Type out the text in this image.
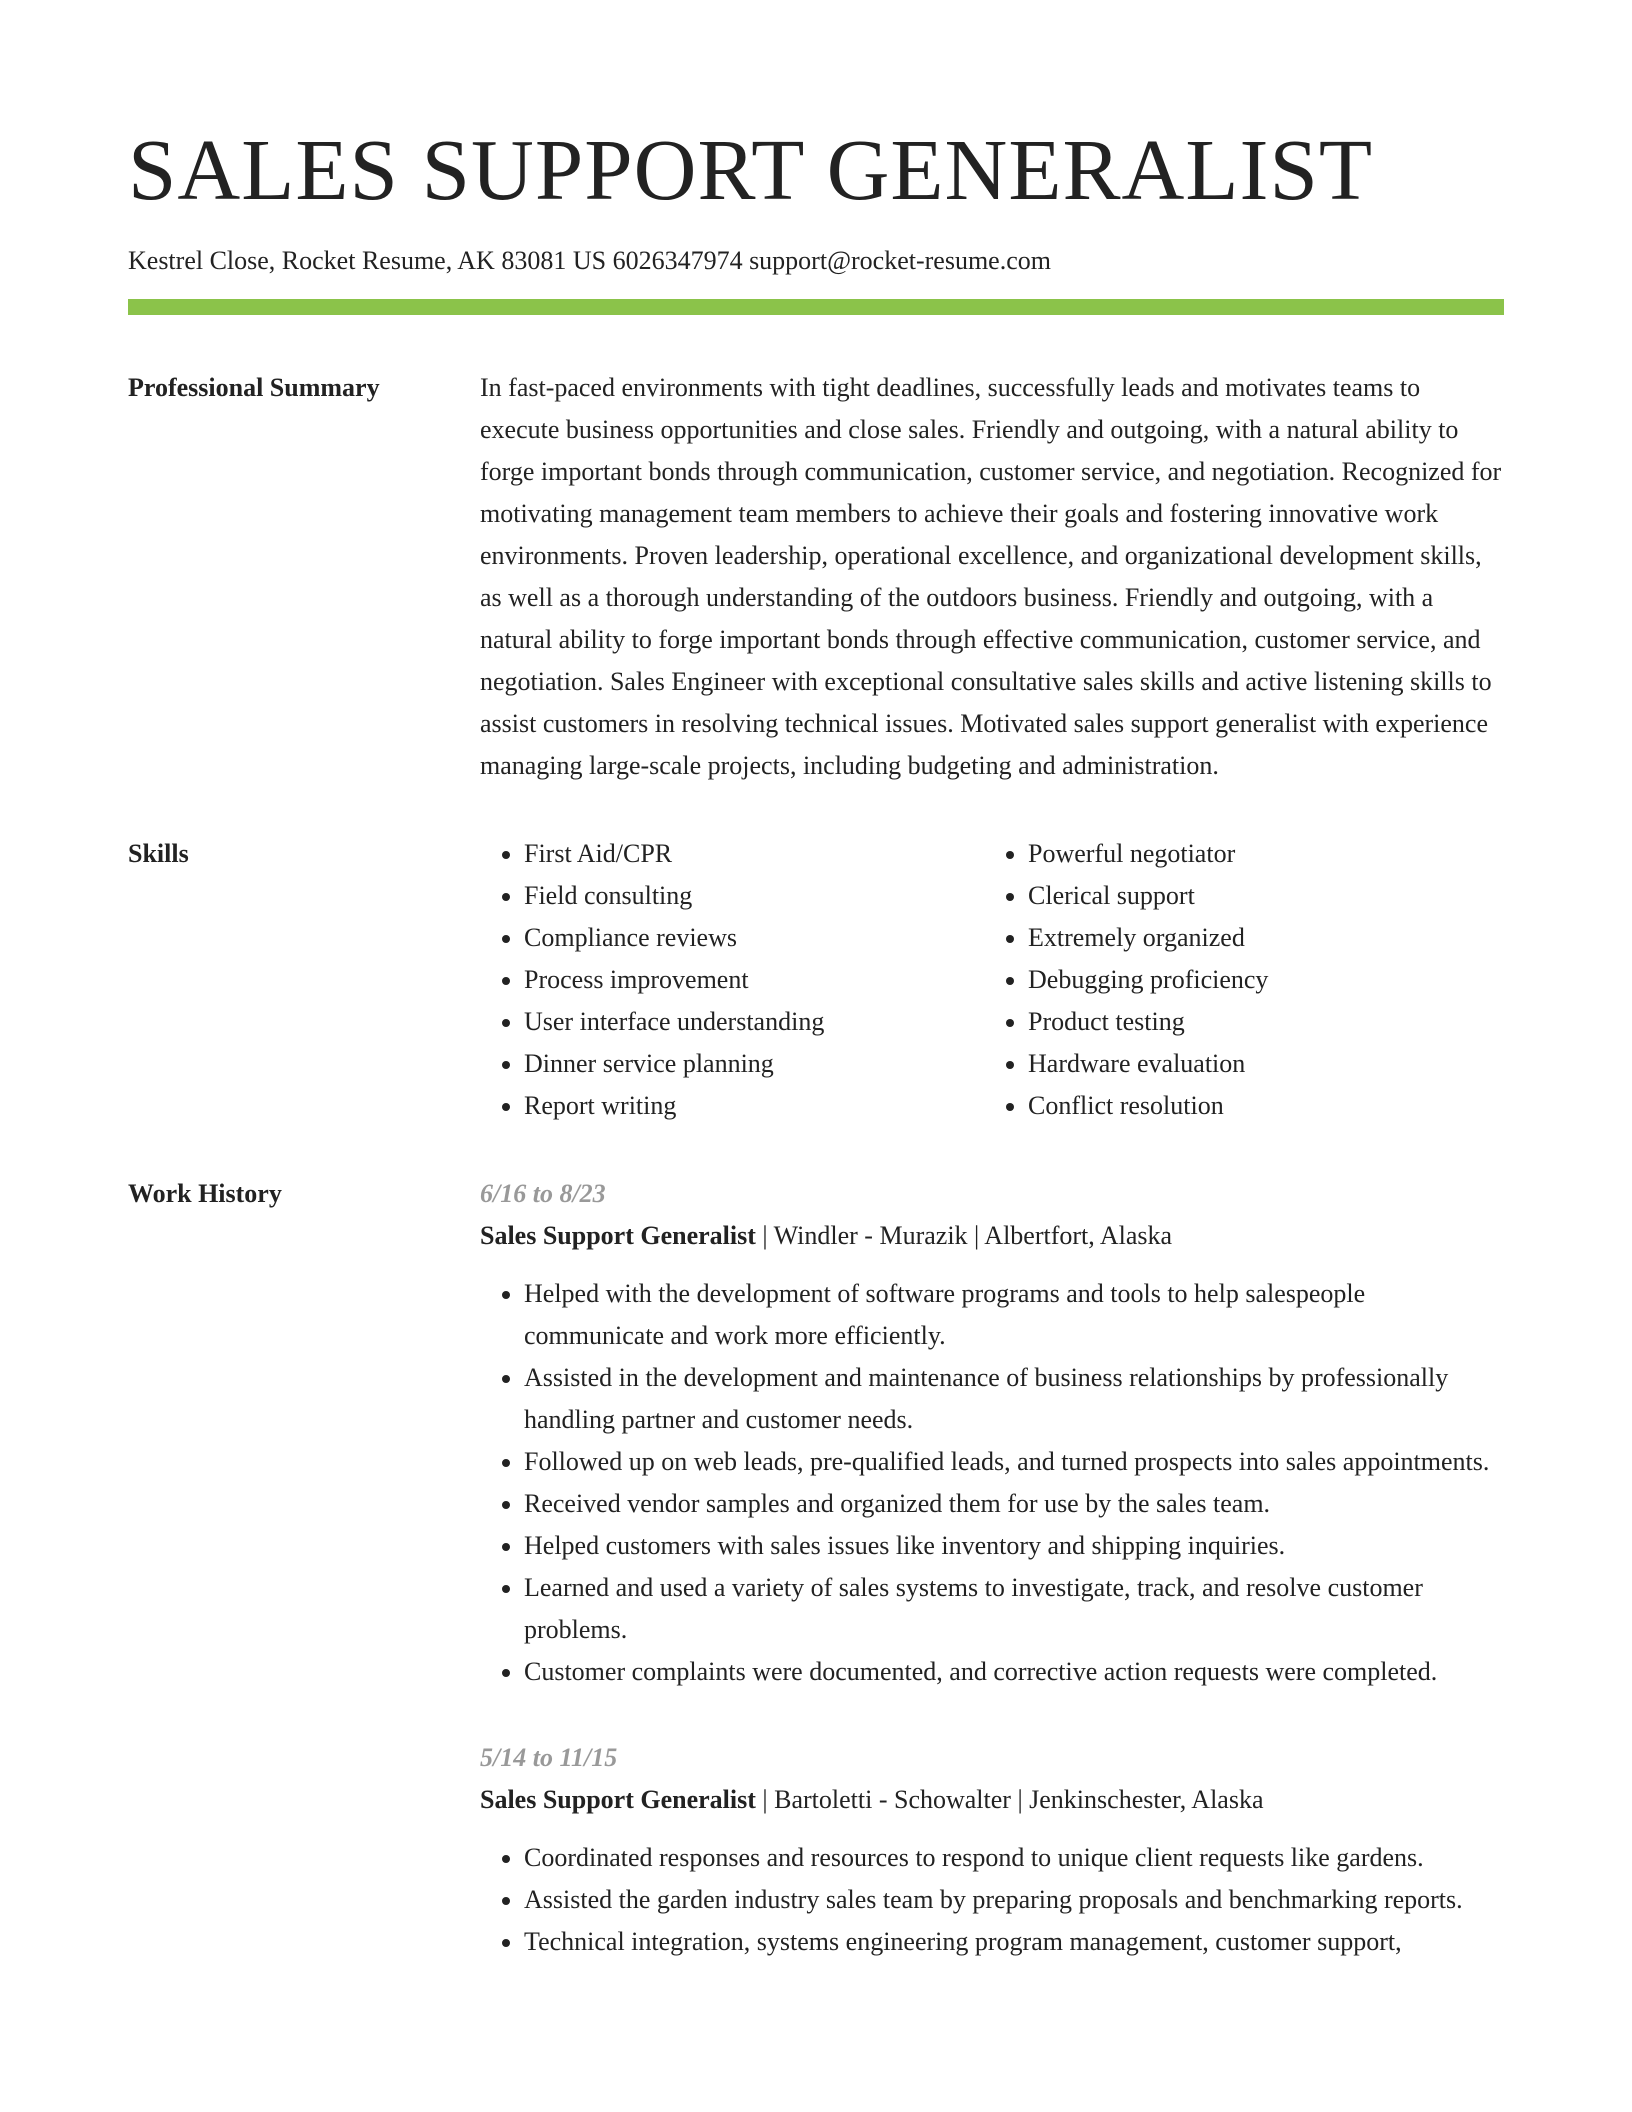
SALES SUPPORT GENERALIST
Kestrel Close, Rocket Resume, AK 83081 US 6026347974 support@rocket-resume.com
Professional Summary	In fast-paced environments with tight deadlines, successfully leads and motivates teams to execute business opportunities and close sales. Friendly and outgoing, with a natural ability to forge important bonds through communication, customer service, and negotiation. Recognized for motivating management team members to achieve their goals and fostering innovative work environments. Proven leadership, operational excellence, and organizational development skills, as well as a thorough understanding of the outdoors business. Friendly and outgoing, with a natural ability to forge important bonds through effective communication, customer service, and negotiation. Sales Engineer with exceptional consultative sales skills and active listening skills to assist customers in resolving technical issues. Motivated sales support generalist with experience managing large-scale projects, including budgeting and administration.

Skills
•	First Aid/CPR
• Field consulting
• Compliance reviews
• Process improvement
• User interface understanding
• Dinner service planning
• Report writing
• Powerful negotiator
• Clerical support
• Extremely organized
• Debugging proficiency
• Product testing
• Hardware evaluation
• Conflict resolution
Work History	6/16 to 8/23
Sales Support Generalist | Windler - Murazik | Albertfort, Alaska
• Helped with the development of software programs and tools to help salespeople communicate and work more efficiently.
• Assisted in the development and maintenance of business relationships by professionally handling partner and customer needs.
• Followed up on web leads, pre-qualified leads, and turned prospects into sales appointments.
• Received vendor samples and organized them for use by the sales team.
• Helped customers with sales issues like inventory and shipping inquiries.
• Learned and used a variety of sales systems to investigate, track, and resolve customer problems.
• Customer complaints were documented, and corrective action requests were completed.
5/14 to 11/15
Sales Support Generalist | Bartoletti - Schowalter | Jenkinschester, Alaska
• Coordinated responses and resources to respond to unique client requests like gardens.
• Assisted the garden industry sales team by preparing proposals and benchmarking reports.
• Technical integration, systems engineering program management, customer support,
